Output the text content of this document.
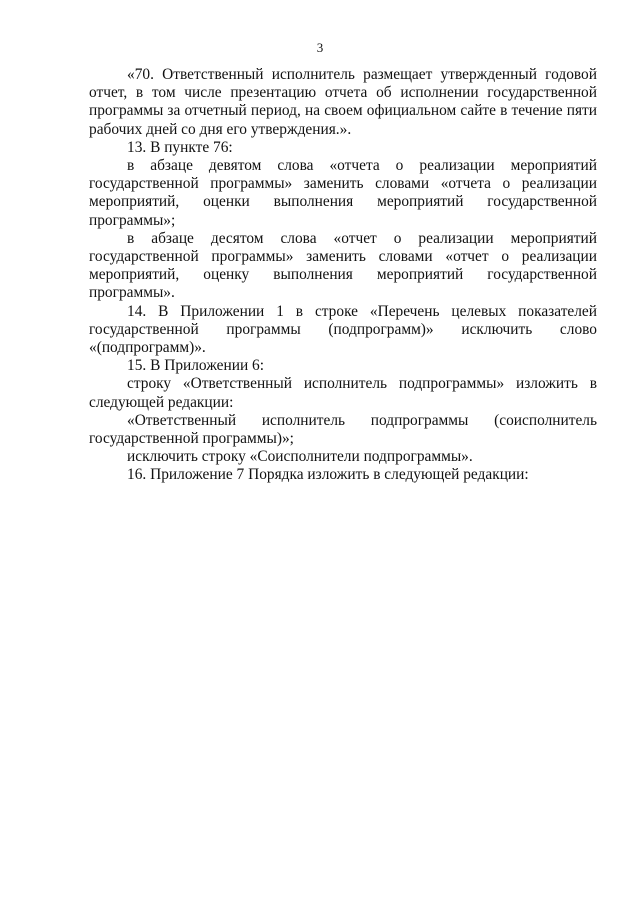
3

«70. Ответственный исполнитель размещает утвержденный годовой отчет, в том числе презентацию отчета об исполнении государственной программы за отчетный период, на своем официальном сайте в течение пяти рабочих дней со дня его утверждения.».

13. В пункте 76:

в абзаце девятом слова «отчета о реализации мероприятий государственной программы» заменить словами «отчета о реализации мероприятий, оценки выполнения мероприятий государственной программы»;

в абзаце десятом слова «отчет о реализации мероприятий государственной программы» заменить словами «отчет о реализации мероприятий, оценку выполнения мероприятий государственной программы».

14. В Приложении 1 в строке «Перечень целевых показателей государственной программы (подпрограмм)» исключить слово «(подпрограмм)».

15. В Приложении 6:

строку «Ответственный исполнитель подпрограммы» изложить в следующей редакции:

«Ответственный исполнитель подпрограммы (соисполнитель государственной программы)»;

исключить строку «Соисполнители подпрограммы».

16. Приложение 7 Порядка изложить в следующей редакции:
